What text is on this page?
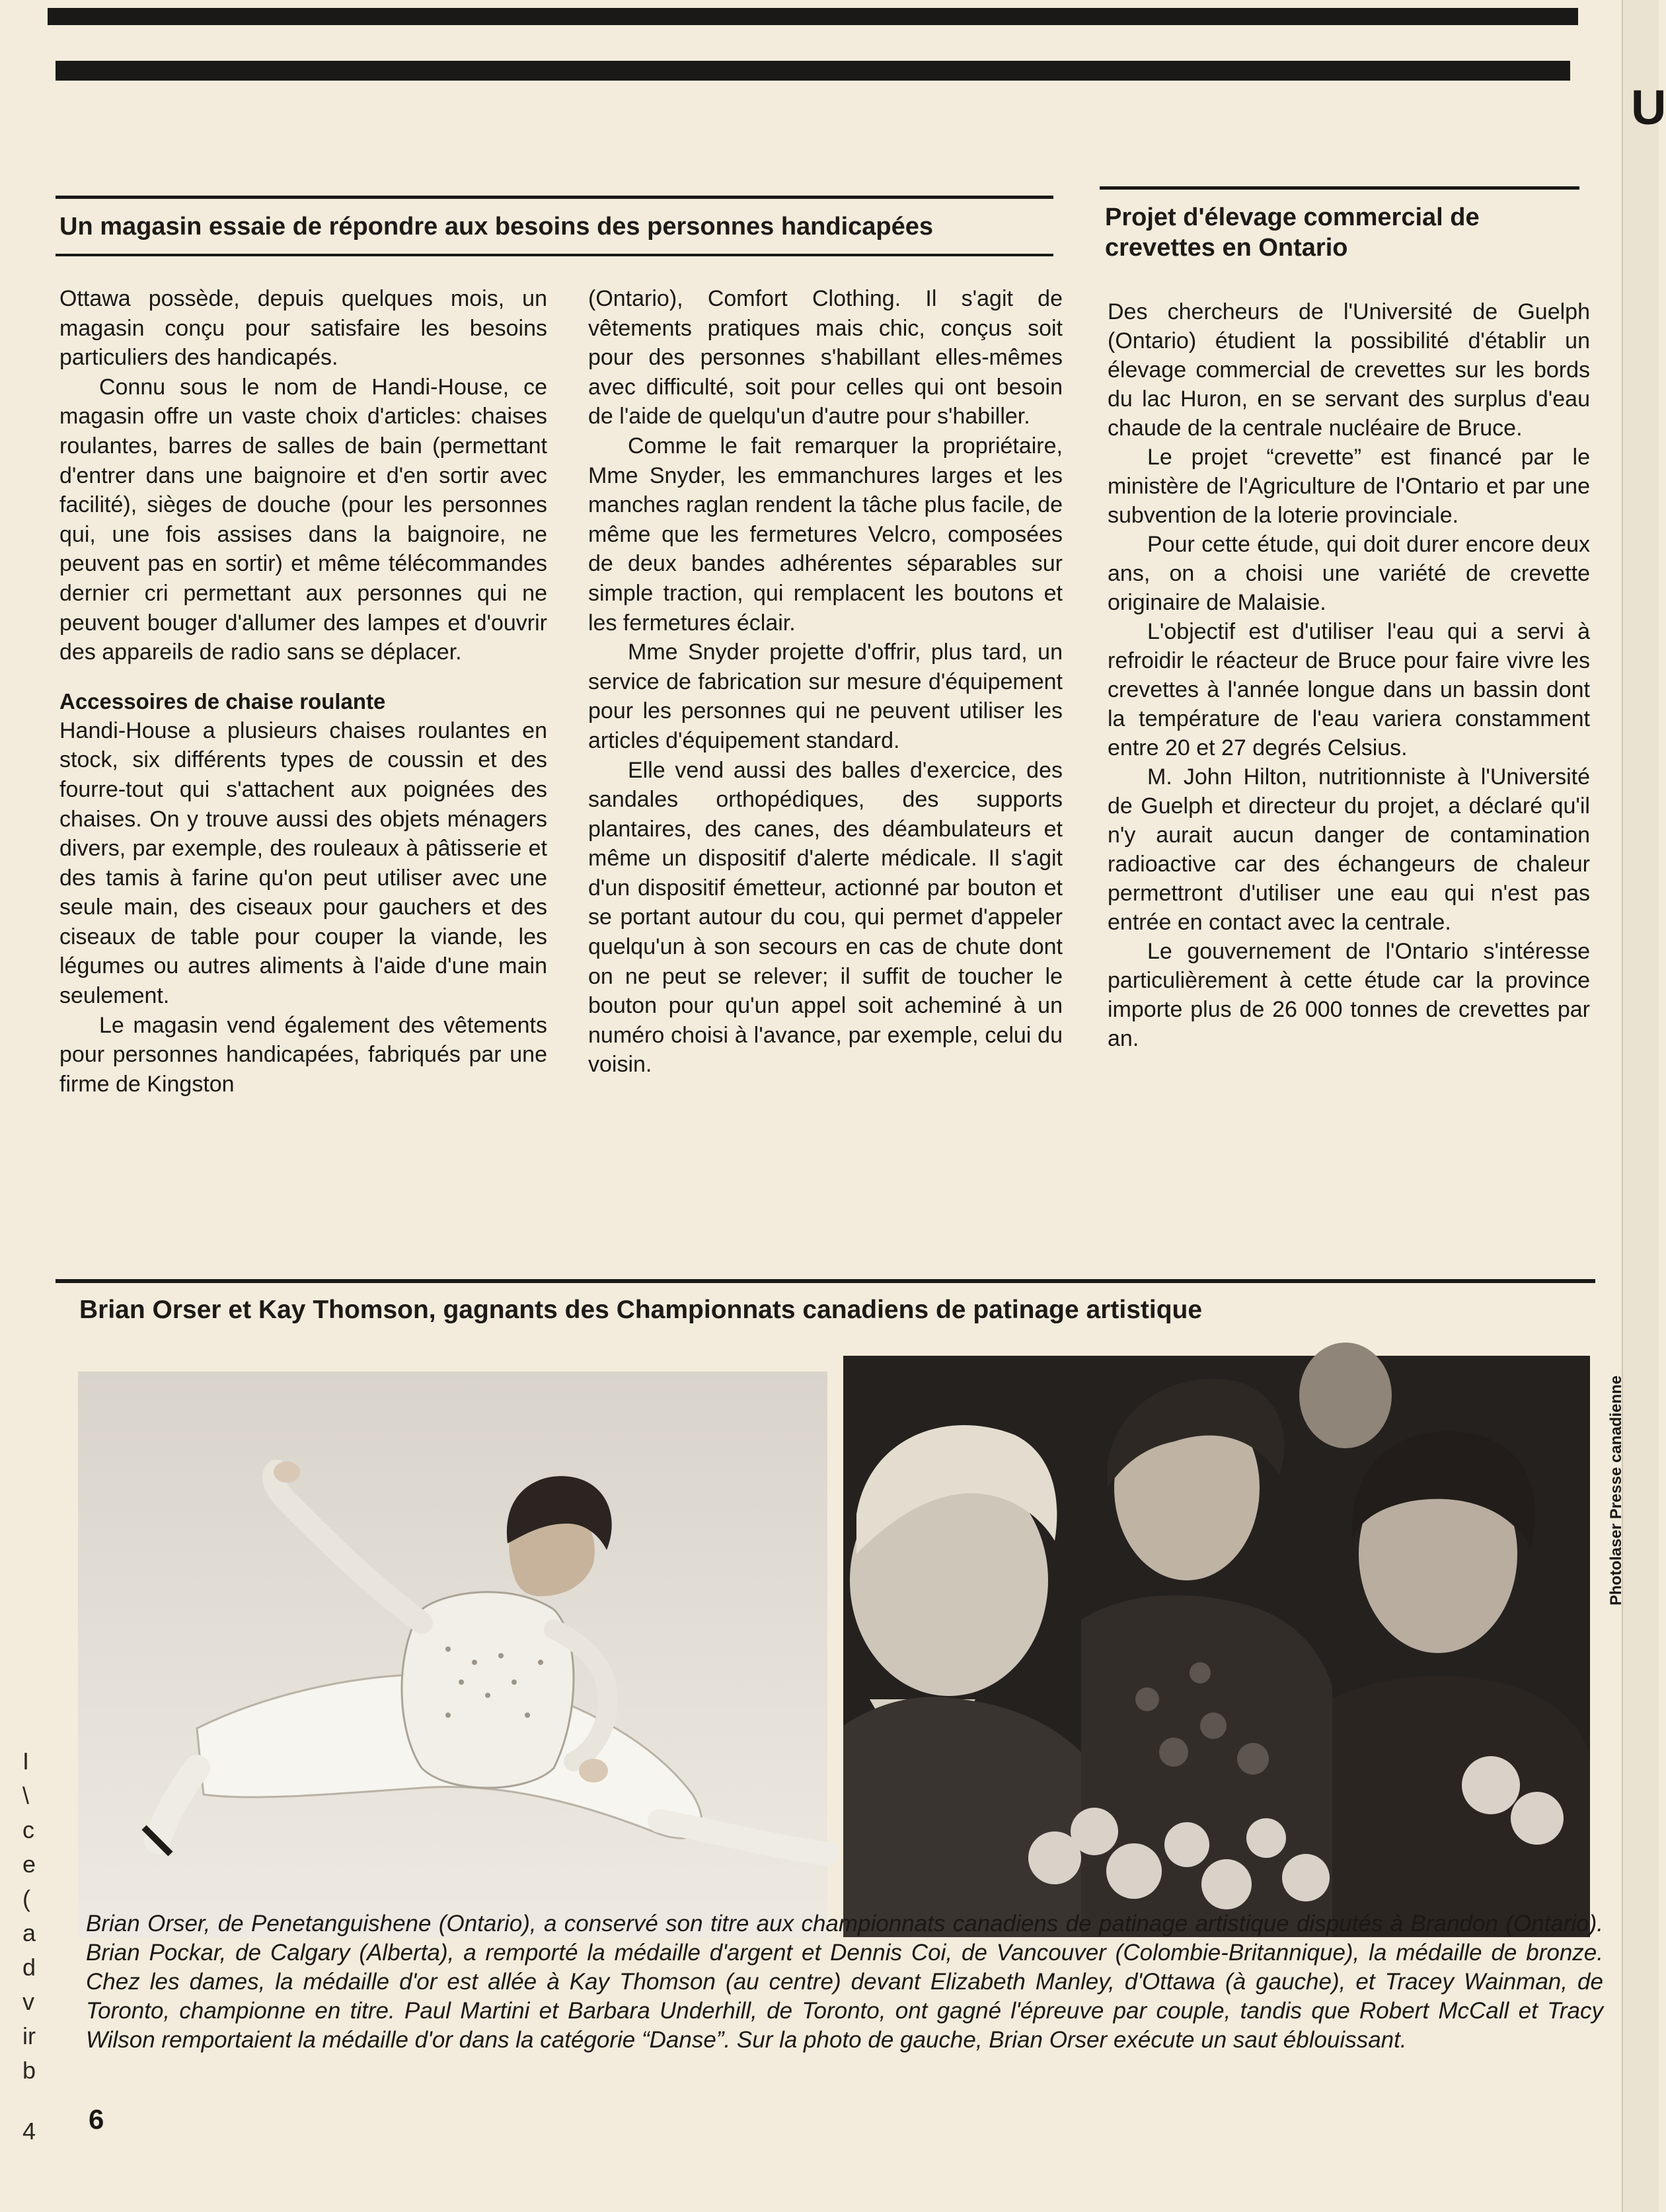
U
I
\
c
e
(
a
d
v
ir
b
4
Un magasin essaie de répondre aux besoins des personnes handicapées

Ottawa possède, depuis quelques mois, un magasin conçu pour satisfaire les besoins particuliers des handicapés.

Connu sous le nom de Handi-House, ce magasin offre un vaste choix d'articles: chaises roulantes, barres de salles de bain (permettant d'entrer dans une baignoire et d'en sortir avec facilité), sièges de douche (pour les personnes qui, une fois assises dans la baignoire, ne peuvent pas en sortir) et même télécommandes dernier cri permettant aux personnes qui ne peuvent bouger d'allumer des lampes et d'ouvrir des appareils de radio sans se déplacer.

Accessoires de chaise roulante

Handi-House a plusieurs chaises roulantes en stock, six différents types de coussin et des fourre-tout qui s'attachent aux poignées des chaises. On y trouve aussi des objets ménagers divers, par exemple, des rouleaux à pâtisserie et des tamis à farine qu'on peut utiliser avec une seule main, des ciseaux pour gauchers et des ciseaux de table pour couper la viande, les légumes ou autres aliments à l'aide d'une main seulement.

Le magasin vend également des vêtements pour personnes handicapées, fabriqués par une firme de Kingston

(Ontario), Comfort Clothing. Il s'agit de vêtements pratiques mais chic, conçus soit pour des personnes s'habillant elles-mêmes avec difficulté, soit pour celles qui ont besoin de l'aide de quelqu'un d'autre pour s'habiller.

Comme le fait remarquer la propriétaire, Mme Snyder, les emmanchures larges et les manches raglan rendent la tâche plus facile, de même que les fermetures Velcro, composées de deux bandes adhérentes séparables sur simple traction, qui remplacent les boutons et les fermetures éclair.

Mme Snyder projette d'offrir, plus tard, un service de fabrication sur mesure d'équipement pour les personnes qui ne peuvent utiliser les articles d'équipement standard.

Elle vend aussi des balles d'exercice, des sandales orthopédiques, des supports plantaires, des canes, des déambulateurs et même un dispositif d'alerte médicale. Il s'agit d'un dispositif émetteur, actionné par bouton et se portant autour du cou, qui permet d'appeler quelqu'un à son secours en cas de chute dont on ne peut se relever; il suffit de toucher le bouton pour qu'un appel soit acheminé à un numéro choisi à l'avance, par exemple, celui du voisin.

Projet d'élevage commercial de crevettes en Ontario

Des chercheurs de l'Université de Guelph (Ontario) étudient la possibilité d'établir un élevage commercial de crevettes sur les bords du lac Huron, en se servant des surplus d'eau chaude de la centrale nucléaire de Bruce.

Le projet “crevette” est financé par le ministère de l'Agriculture de l'Ontario et par une subvention de la loterie provinciale.

Pour cette étude, qui doit durer encore deux ans, on a choisi une variété de crevette originaire de Malaisie.

L'objectif est d'utiliser l'eau qui a servi à refroidir le réacteur de Bruce pour faire vivre les crevettes à l'année longue dans un bassin dont la température de l'eau variera constamment entre 20 et 27 degrés Celsius.

M. John Hilton, nutritionniste à l'Université de Guelph et directeur du projet, a déclaré qu'il n'y aurait aucun danger de contamination radioactive car des échangeurs de chaleur permettront d'utiliser une eau qui n'est pas entrée en contact avec la centrale.

Le gouvernement de l'Ontario s'intéresse particulièrement à cette étude car la province importe plus de 26 000 tonnes de crevettes par an.

Brian Orser et Kay Thomson, gagnants des Championnats canadiens de patinage artistique
Photolaser Presse canadienne
Brian Orser, de Penetanguishene (Ontario), a conservé son titre aux championnats canadiens de patinage artistique disputés à Brandon (Ontario). Brian Pockar, de Calgary (Alberta), a remporté la médaille d'argent et Dennis Coi, de Vancouver (Colombie-Britannique), la médaille de bronze. Chez les dames, la médaille d'or est allée à Kay Thomson (au centre) devant Elizabeth Manley, d'Ottawa (à gauche), et Tracey Wainman, de Toronto, championne en titre. Paul Martini et Barbara Underhill, de Toronto, ont gagné l'épreuve par couple, tandis que Robert McCall et Tracy Wilson remportaient la médaille d'or dans la catégorie “Danse”. Sur la photo de gauche, Brian Orser exécute un saut éblouissant.
6
